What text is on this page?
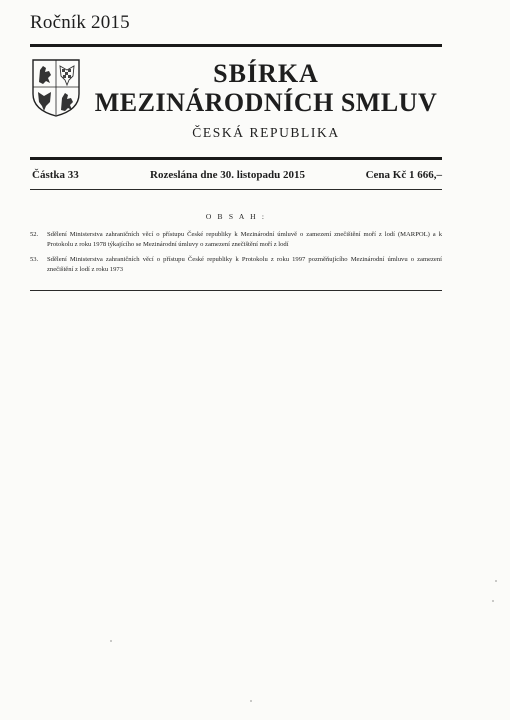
Ročník 2015
SBÍRKA
MEZINÁRODNÍCH SMLUV
ČESKÁ REPUBLIKA
Částka 33	Rozeslána dne 30. listopadu 2015	Cena Kč 1 666,–
O B S A H :
52.	Sdělení Ministerstva zahraničních věcí o přístupu České republiky k Mezinárodní úmluvě o zamezení znečištění moří z lodí (MARPOL) a k Protokolu z roku 1978 týkajícího se Mezinárodní úmluvy o zamezení znečištění moří z lodí
53.	Sdělení Ministerstva zahraničních věcí o přístupu České republiky k Protokolu z roku 1997 pozměňujícího Mezinárodní úmluvu o zamezení znečištění z lodí z roku 1973
